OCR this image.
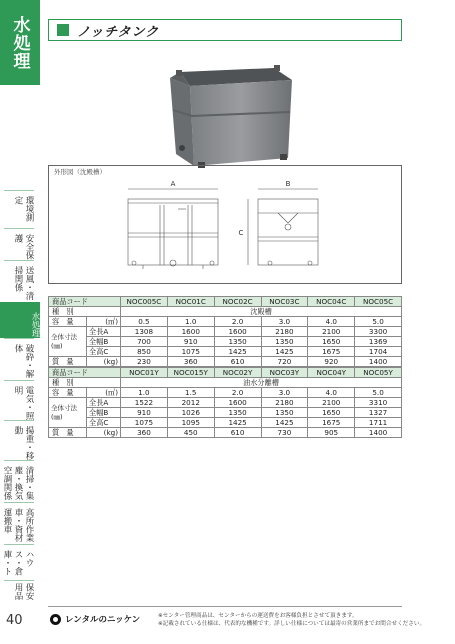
水処理
環境測定
安全保護
送風・清掃関係
水処理
破砕・解体
電気・照明
揚重・移動
清掃・集塵・換気空調関係
高所作業車・資材運搬車
ハウス・倉庫・ト
保安用品
40
ノッチタンク
外形図（沈殿槽）
A	B
C
商品コード		NOC005C	NOC01C	NOC02C	NOC03C	NOC04C	NOC05C
種　別		沈殿槽					
容　量	(㎥)	0.5	1.0	2.0	3.0	4.0	5.0
全体寸法(㎜)	全長A	1308	1600	1600	2180	2100	3300
	全幅B	700	910	1350	1350	1650	1369
	全高C	850	1075	1425	1425	1675	1704
質　量	(kg)	230	360	610	720	920	1400
商品コード		NOC01Y	NOC015Y	NOC02Y	NOC03Y	NOC04Y	NOC05Y
種　別		油水分離槽					
容　量	(㎥)	1.0	1.5	2.0	3.0	4.0	5.0
全体寸法(㎜)	全長A	1522	2012	1600	2180	2100	3310
	全幅B	910	1026	1350	1350	1650	1327
	全高C	1075	1095	1425	1425	1675	1711
質　量	(kg)	360	450	610	730	905	1400
レンタルのニッケン	※センター管理商品は、センターからの運送費をお客様負担とさせて頂きます。
※記載されている仕様は、代表的な機種です。詳しい仕様については最寄の営業所までお問合せください。
